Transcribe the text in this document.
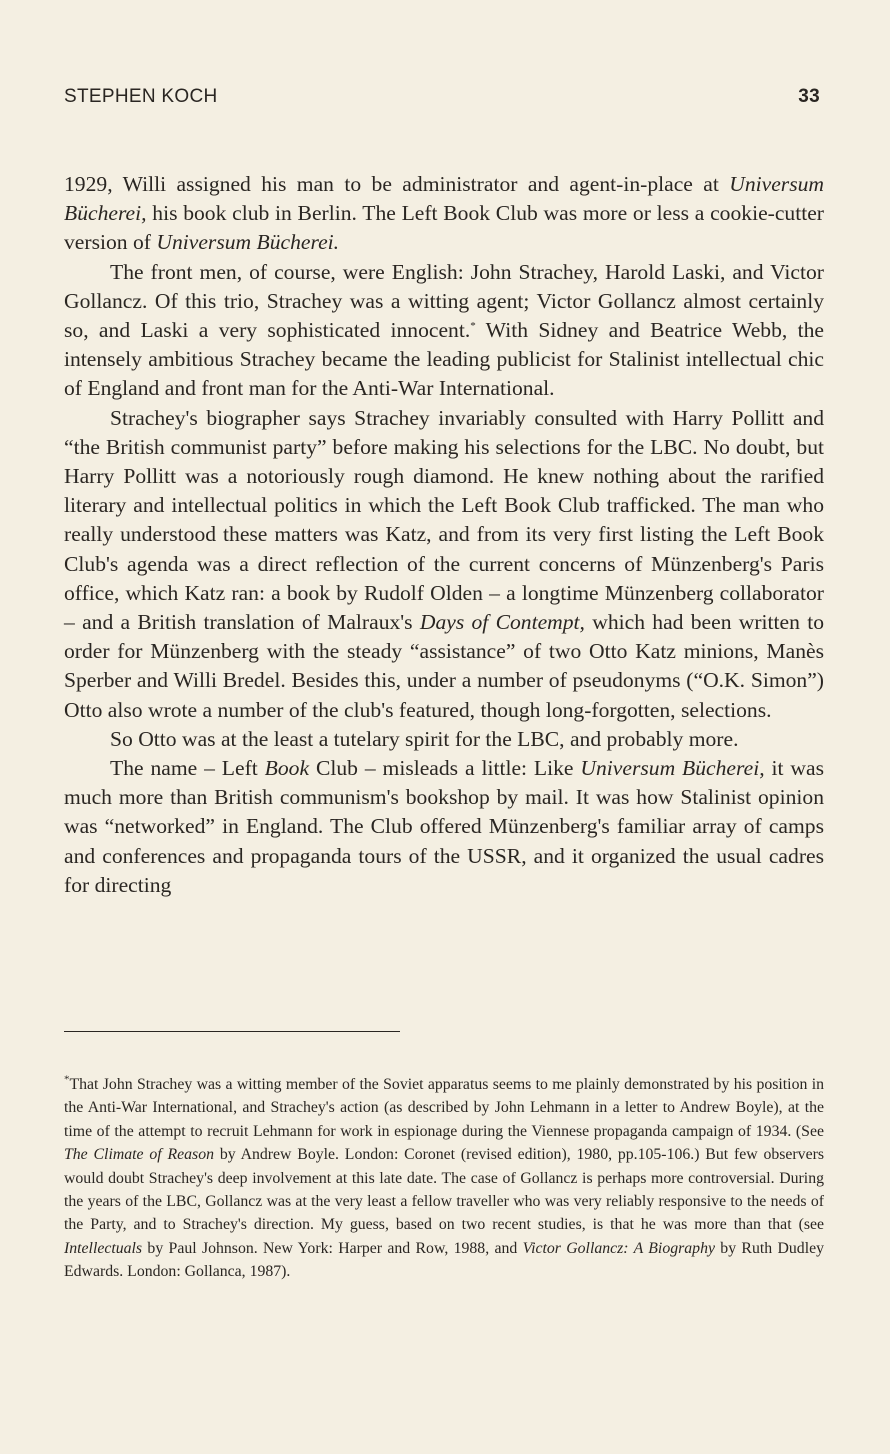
STEPHEN KOCH	33

1929, Willi assigned his man to be administrator and agent-in-place at Universum Bücherei, his book club in Berlin. The Left Book Club was more or less a cookie-cutter version of Universum Bücherei.

The front men, of course, were English: John Strachey, Harold Laski, and Victor Gollancz. Of this trio, Strachey was a witting agent; Victor Gollancz almost certainly so, and Laski a very sophisticated innocent.* With Sidney and Beatrice Webb, the intensely ambitious Strachey became the leading publicist for Stalinist intellectual chic of England and front man for the Anti-War International.

Strachey's biographer says Strachey invariably consulted with Harry Pollitt and “the British communist party” before making his selections for the LBC. No doubt, but Harry Pollitt was a notoriously rough diamond. He knew nothing about the rarified literary and intellectual politics in which the Left Book Club trafficked. The man who really understood these matters was Katz, and from its very first listing the Left Book Club's agenda was a direct reflection of the current concerns of Münzenberg's Paris office, which Katz ran: a book by Rudolf Olden – a longtime Münzenberg collaborator – and a British translation of Malraux's Days of Contempt, which had been written to order for Münzenberg with the steady “assistance” of two Otto Katz minions, Manès Sperber and Willi Bredel. Besides this, under a number of pseudonyms (“O.K. Simon”) Otto also wrote a number of the club's featured, though long-forgotten, selections.

So Otto was at the least a tutelary spirit for the LBC, and probably more.

The name – Left Book Club – misleads a little: Like Universum Bücherei, it was much more than British communism's bookshop by mail. It was how Stalinist opinion was “networked” in England. The Club offered Münzenberg's familiar array of camps and conferences and propaganda tours of the USSR, and it organized the usual cadres for directing

*That John Strachey was a witting member of the Soviet apparatus seems to me plainly demonstrated by his position in the Anti-War International, and Strachey's action (as described by John Lehmann in a letter to Andrew Boyle), at the time of the attempt to recruit Lehmann for work in espionage during the Viennese propaganda campaign of 1934. (See The Climate of Reason by Andrew Boyle. London: Coronet (revised edition), 1980, pp.105-106.) But few observers would doubt Strachey's deep involvement at this late date. The case of Gollancz is perhaps more controversial. During the years of the LBC, Gollancz was at the very least a fellow traveller who was very reliably responsive to the needs of the Party, and to Strachey's direction. My guess, based on two recent studies, is that he was more than that (see Intellectuals by Paul Johnson. New York: Harper and Row, 1988, and Victor Gollancz: A Biography by Ruth Dudley Edwards. London: Gollanca, 1987).
